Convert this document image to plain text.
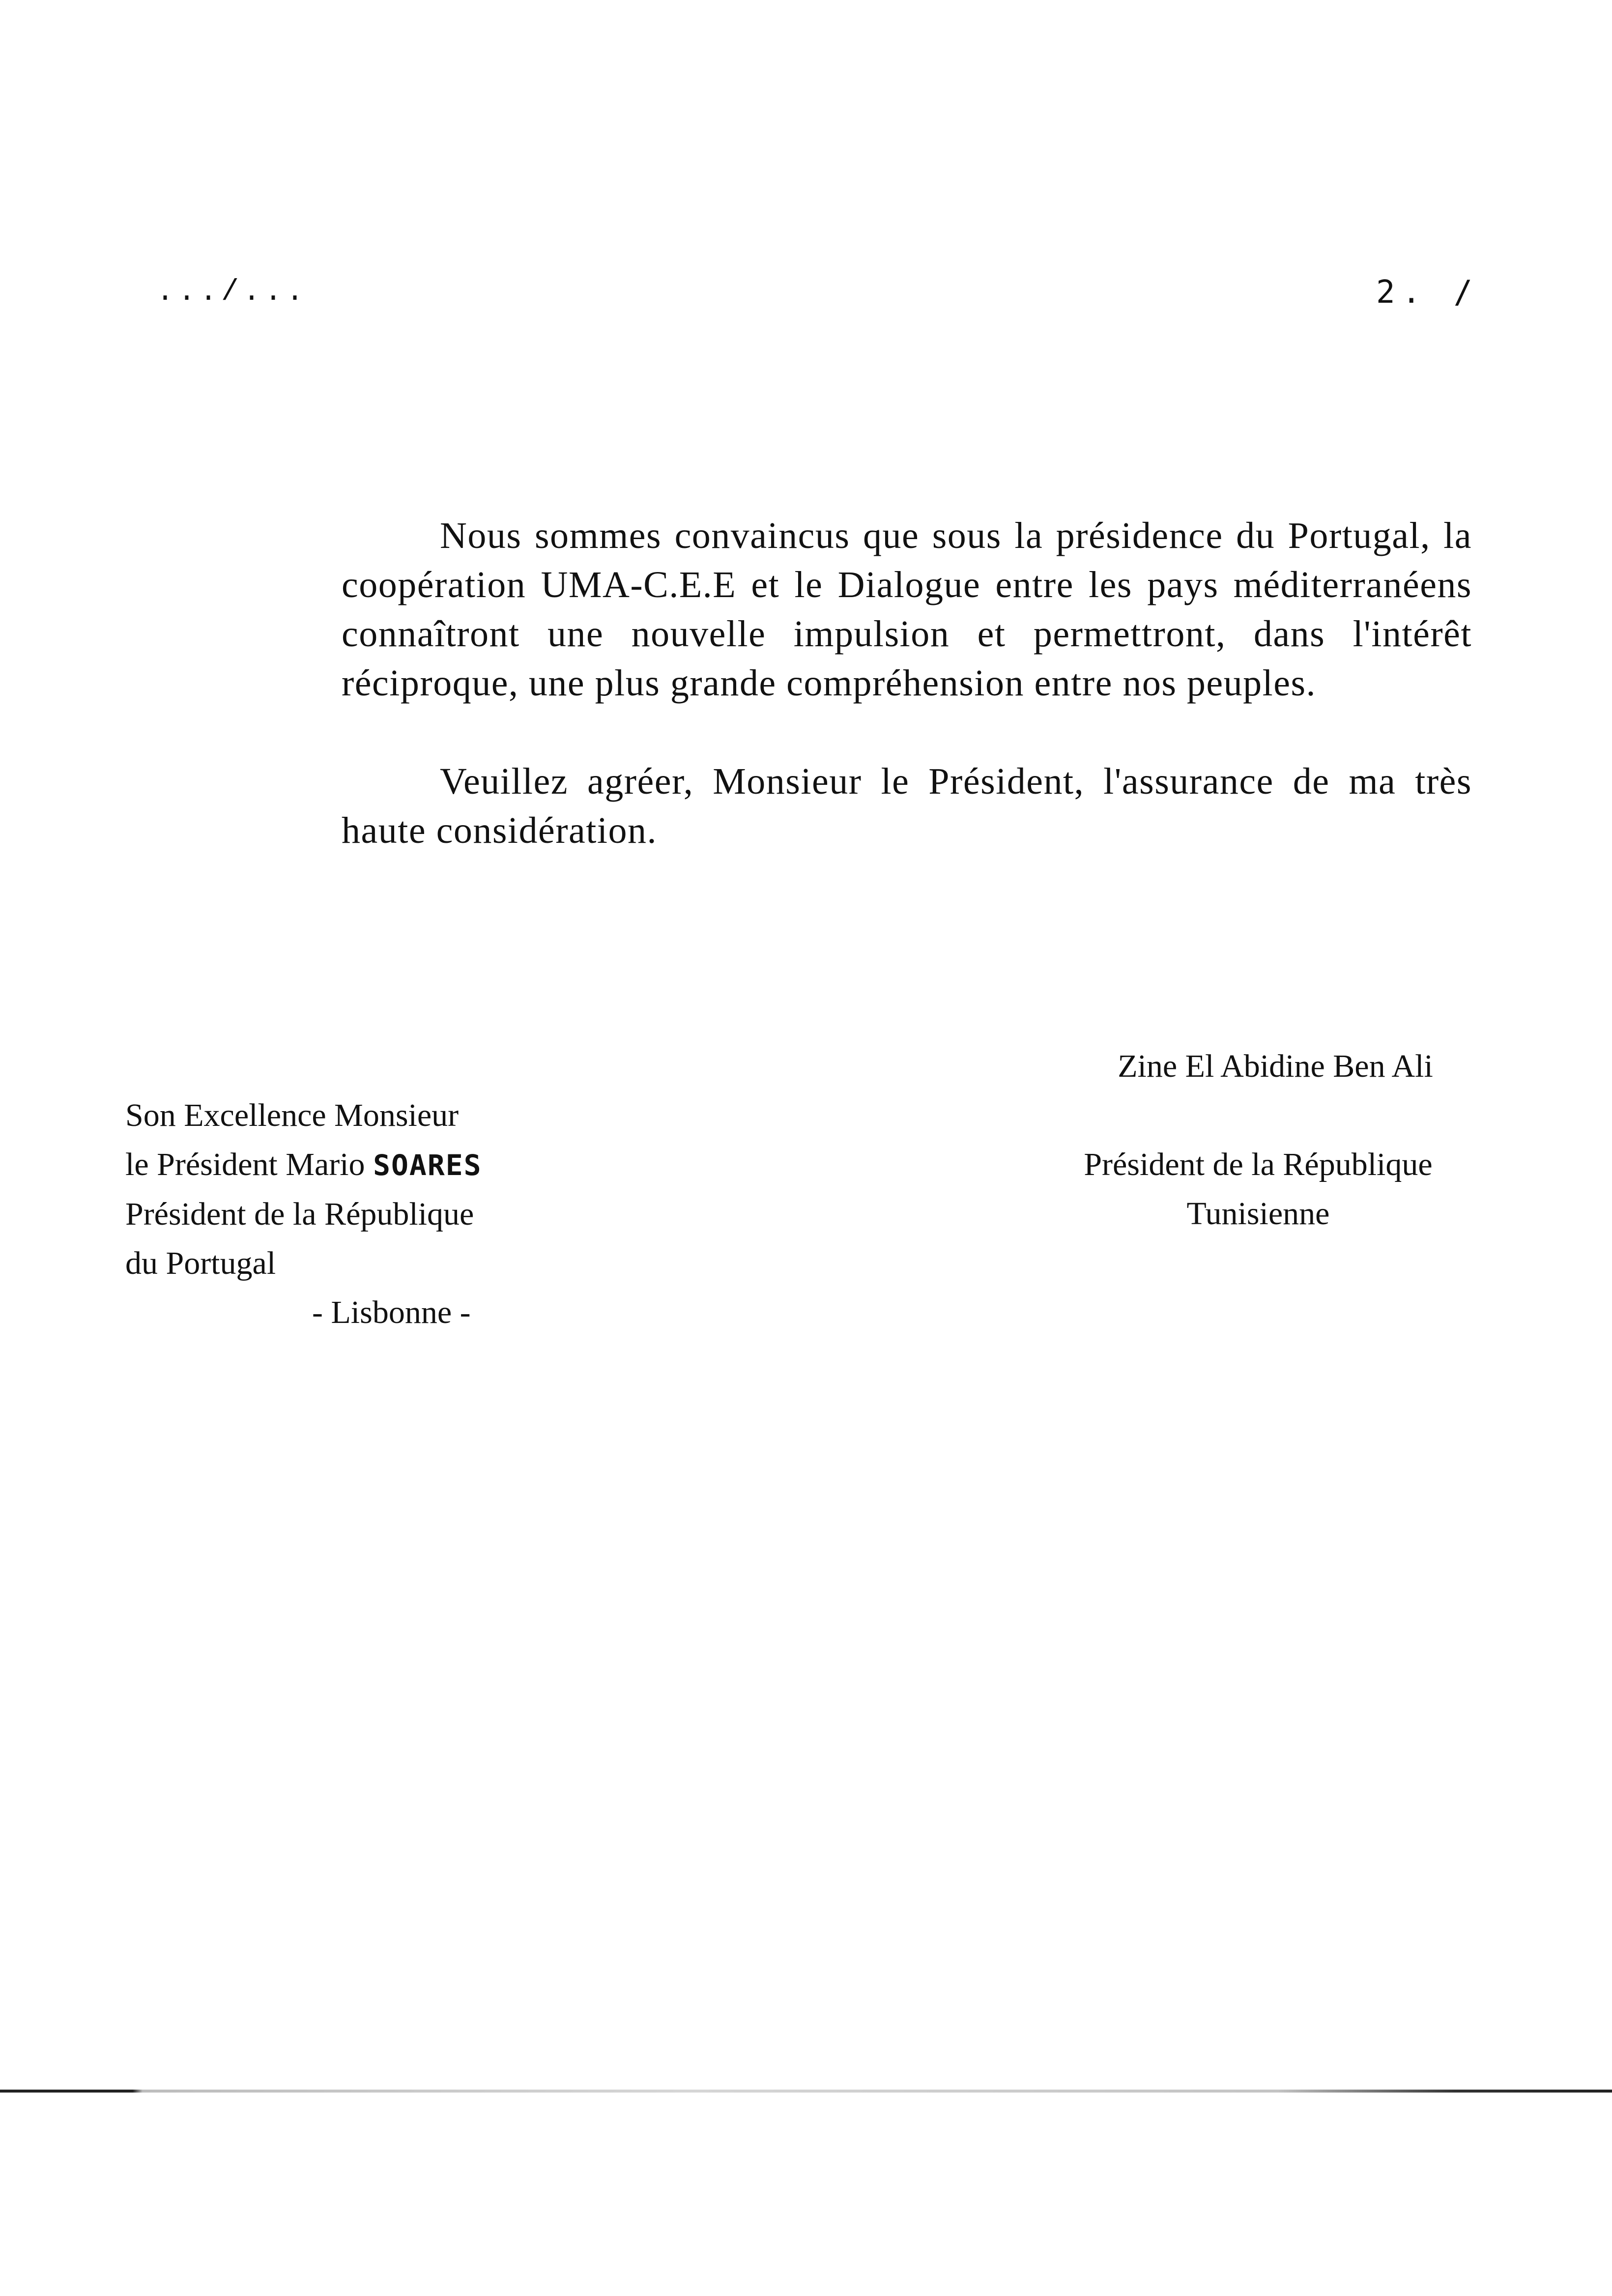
.../...	2. /

Nous sommes convaincus que sous la présidence du Portugal, la coopération UMA-C.E.E et le Dialogue entre les pays méditerranéens connaîtront une nouvelle impulsion et permettront, dans l'intérêt réciproque, une plus grande compréhension entre nos peuples.

Veuillez agréer, Monsieur le Président, l'assurance de ma très haute considération.

Zine El Abidine Ben Ali
Président de la République
Tunisienne
Son Excellence Monsieur
le Président Mario SOARES
Président de la République
du Portugal
- Lisbonne -
